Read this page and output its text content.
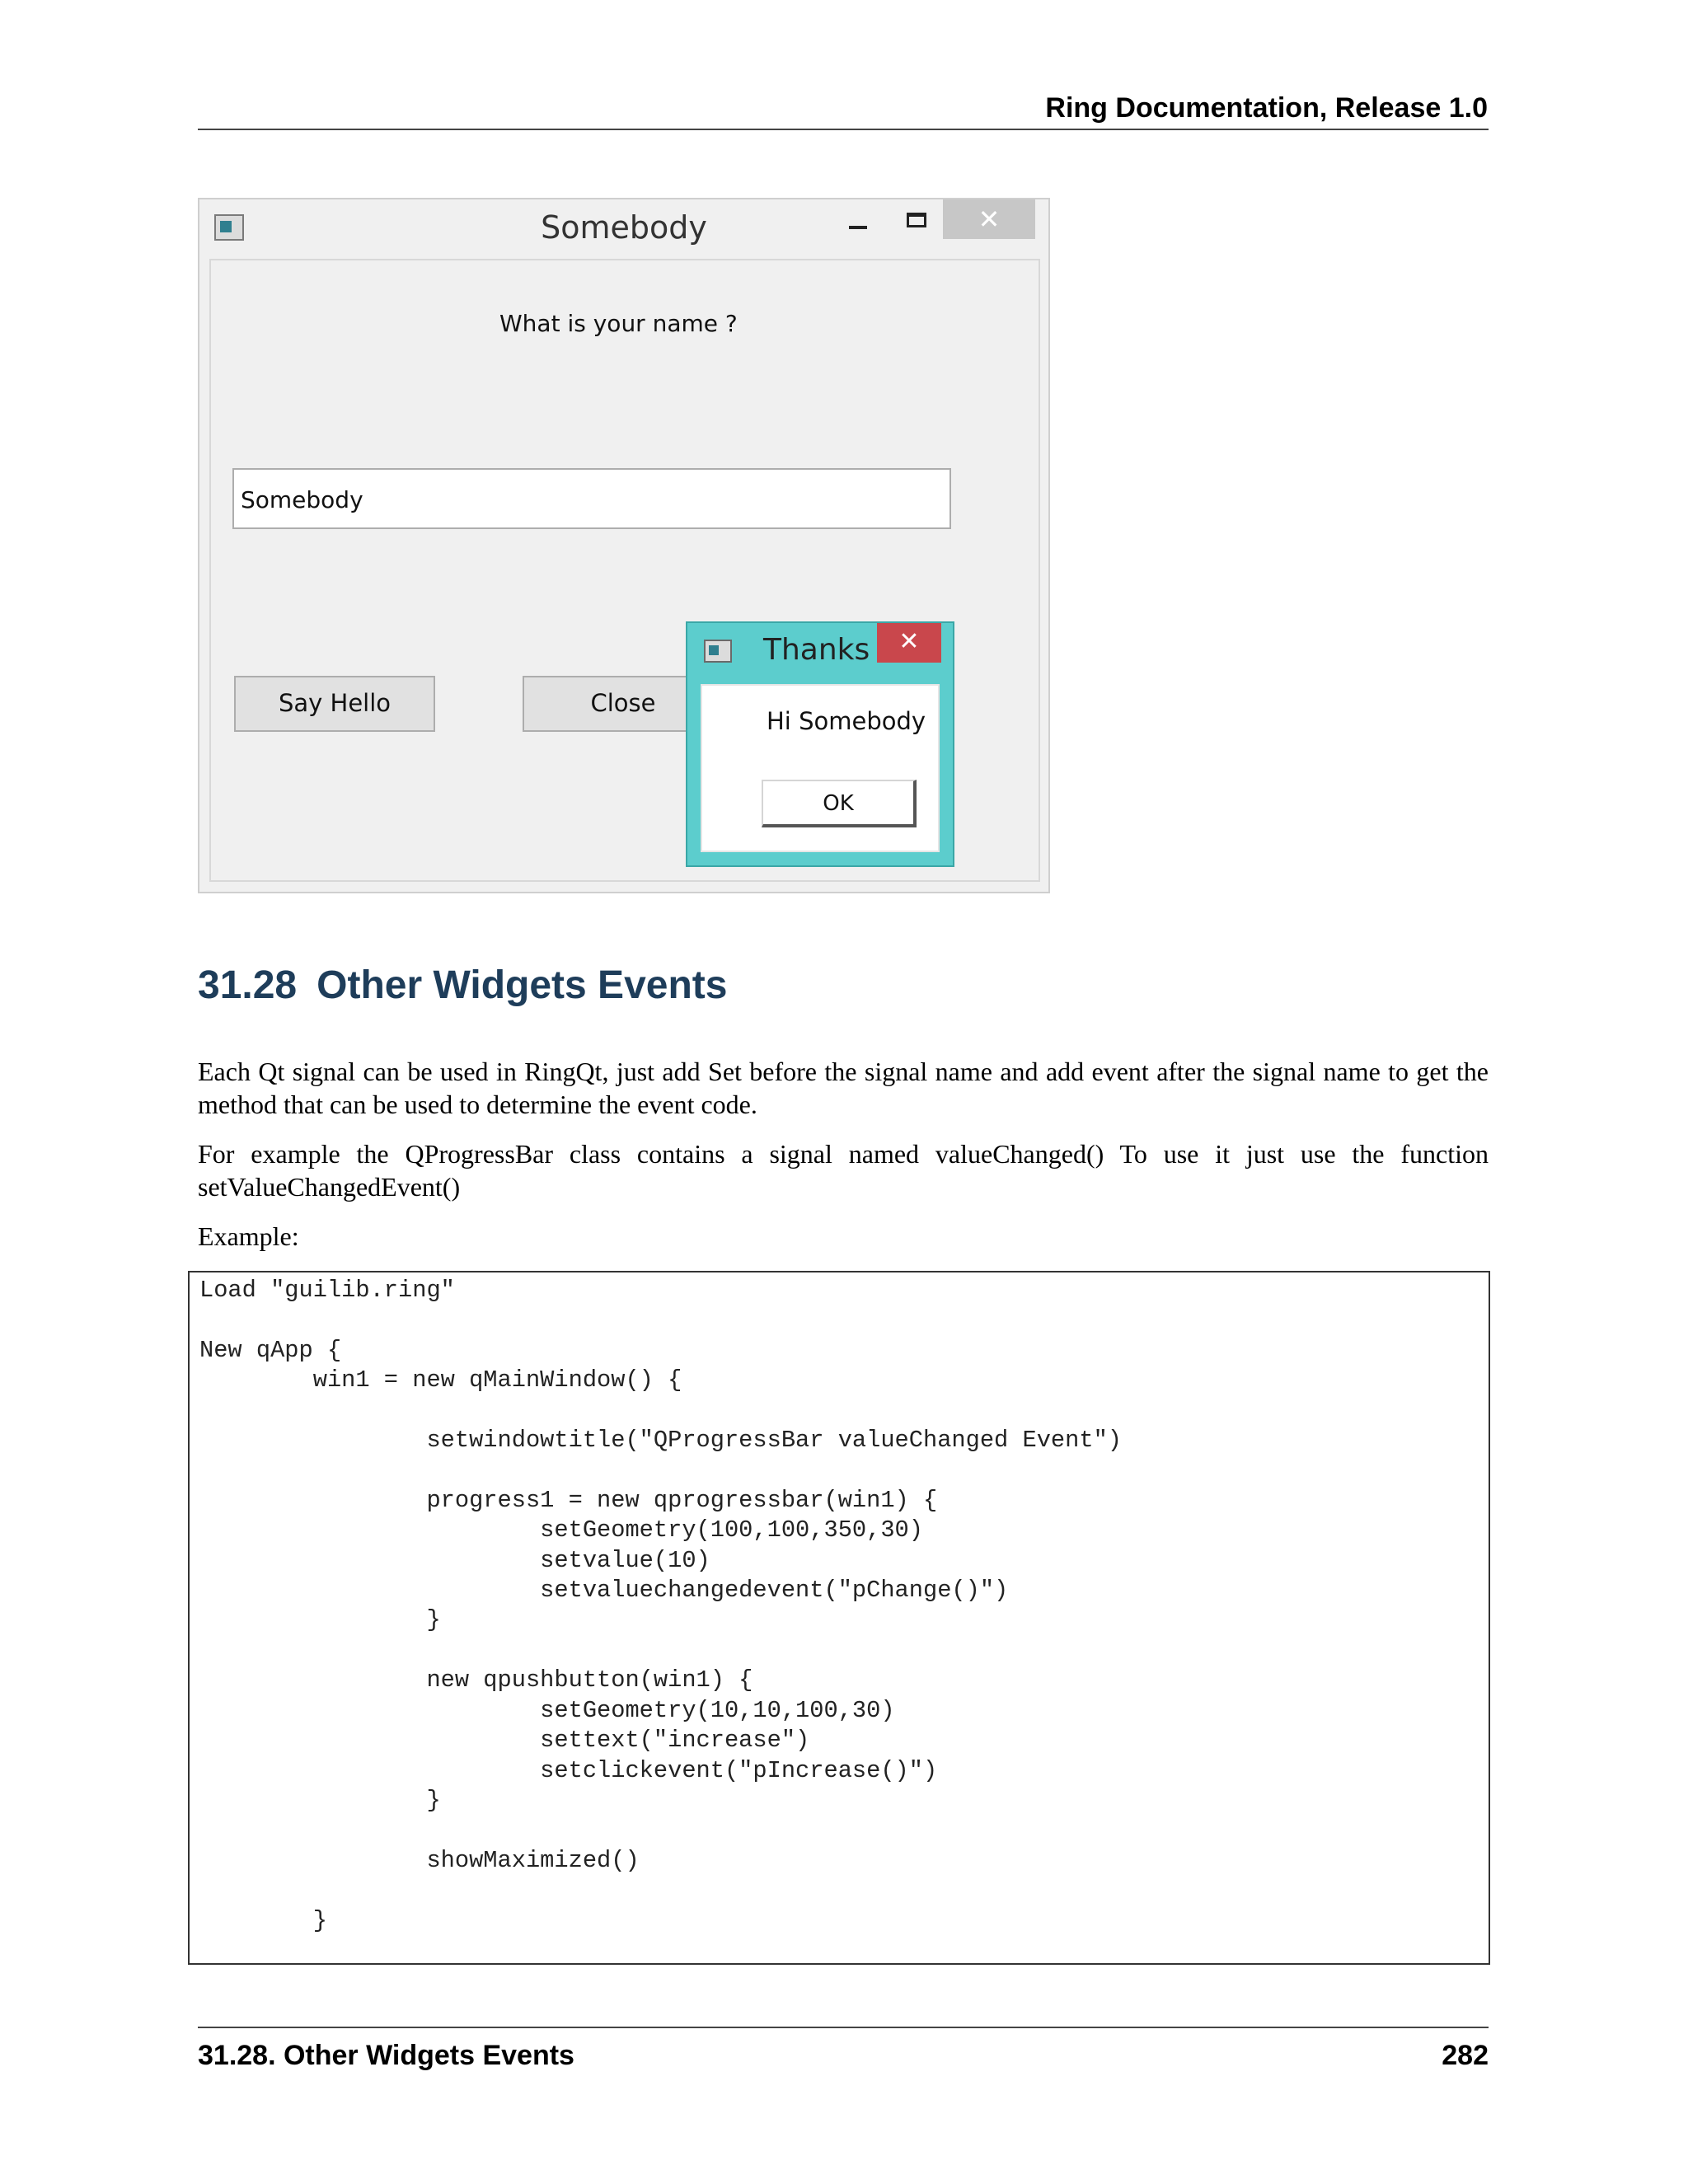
Ring Documentation, Release 1.0
Somebody	✕
What is your name ?
Somebody
Say Hello	Close
Thanks	✕
Hi Somebody
OK
31.28 Other Widgets Events
Each Qt signal can be used in RingQt, just add Set before the signal name and add event after the signal name to get the method that can be used to determine the event code.
For example the QProgressBar class contains a signal named valueChanged() To use it just use the function setValueChangedEvent()
Example:
Load "guilib.ring"

New qApp {
win1 = new qMainWindow() {

setwindowtitle("QProgressBar valueChanged Event")

progress1 = new qprogressbar(win1) {
setGeometry(100,100,350,30)
setvalue(10)
setvaluechangedevent("pChange()")
}

new qpushbutton(win1) {
setGeometry(10,10,100,30)
settext("increase")
setclickevent("pIncrease()")
}

showMaximized()

}
31.28. Other Widgets Events	282
